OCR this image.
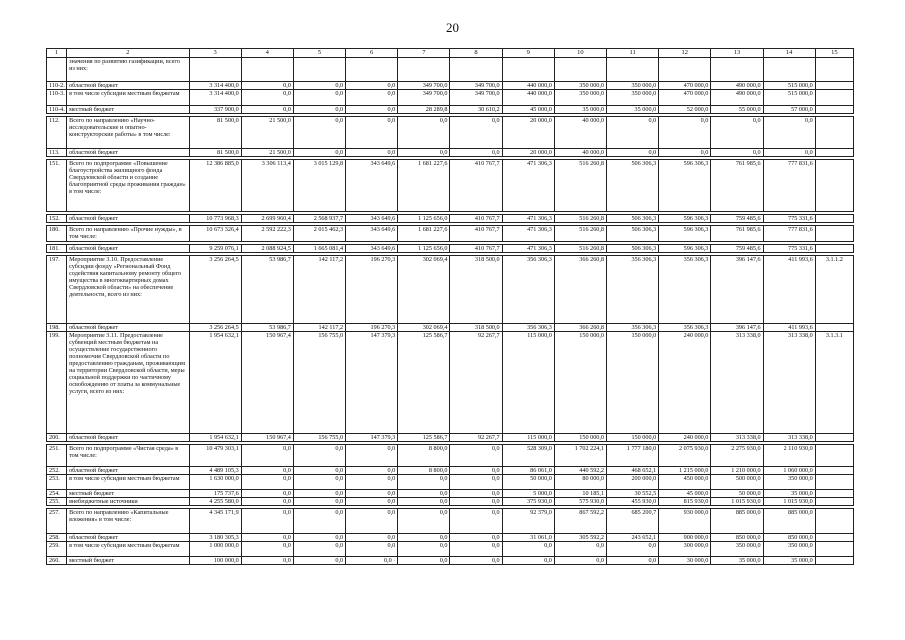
20
1	2	3	4	5	6	7	8	9	10	11	12	13	14	15
	значения по развитию газификации, всего из них:													
110-2.	областной бюджет	3 314 400,0	0,0	0,0	0,0	349 700,0	349 700,0	440 000,0	350 000,0	350 000,0	470 000,0	490 000,0	515 000,0	
110-3.	в том числе субсидии местным бюджетам	3 314 400,0	0,0	0,0	0,0	349 700,0	349 700,0	440 000,0	350 000,0	350 000,0	470 000,0	490 000,0	515 000,0	
110-4.	местный бюджет	337 900,0	0,0	0,0	0,0	28 289,8	30 610,2	45 000,0	35 000,0	35 000,0	52 000,0	55 000,0	57 000,0	

112.	Всего по направлению «Научно-исследовательские и опытно-конструкторские работы» в том числе:	81 500,0	21 500,0	0,0	0,0	0,0	0,0	20 000,0	40 000,0	0,0	0,0	0,0	0,0	
113.	областной бюджет	81 500,0	21 500,0	0,0	0,0	0,0	0,0	20 000,0	40 000,0	0,0	0,0	0,0	0,0	

151.	Всего по подпрограмме «Повышение благоустройства жилищного фонда Свердловской области и создание благоприятной среды проживания граждан» в том числе:	12 386 885,0	3 306 113,4	3 015 129,8	343 649,6	1 681 227,6	410 767,7	471 306,3	516 260,8	506 306,3	596 306,3	761 985,6	777 831,6	

152.	областной бюджет	10 773 968,3	2 699 960,4	2 568 937,7	343 649,6	1 125 656,0	410 767,7	471 306,3	516 260,8	506 306,3	596 306,3	759 485,6	775 331,6	

180.	Всего по направлению «Прочие нужды», в том числе:	10 673 326,4	2 592 222,3	2 015 462,3	343 649,6	1 681 227,6	410 767,7	471 306,3	516 260,8	506 306,3	596 306,3	761 985,6	777 831,6	

181.	областной бюджет	9 259 076,1	2 088 924,5	1 665 081,4	343 649,6	1 125 656,0	410 767,7	471 306,3	516 260,8	506 306,3	596 306,3	759 485,6	775 331,6	

197.	Мероприятие 3.10. Предоставление субсидии фонду «Региональный Фонд содействия капитальному ремонту общего имущества в многоквартирных домах Свердловской области» на обеспечение деятельности, всего из них:	3 256 264,5	53 986,7	142 117,2	196 270,3	302 069,4	318 500,0	356 306,3	366 260,8	356 306,3	356 306,3	396 147,6	411 993,6	3.1.1.2
198.	областной бюджет	3 256 264,5	53 986,7	142 117,2	196 270,3	302 069,4	318 500,0	356 306,3	366 260,8	356 306,3	356 306,3	396 147,6	411 993,6	
199.	Мероприятие 3.11. Предоставление субвенций местным бюджетам на осуществление государственного полномочия Свердловской области по предоставлению гражданам, проживающим на территории Свердловской области, меры социальной поддержки по частичному освобождению от платы за коммунальные услуги, всего из них:	1 954 632,1	150 967,4	156 755,0	147 379,3	125 586,7	92 267,7	115 000,0	150 000,0	150 000,0	240 000,0	313 338,0	313 338,0	3.1.3.1
200.	областной бюджет	1 954 632,1	150 967,4	156 755,0	147 379,3	125 586,7	92 267,7	115 000,0	150 000,0	150 000,0	240 000,0	313 338,0	313 338,0	

251.	Всего по подпрограмме «Чистая среда» в том числе:	10 479 303,1	0,0	0,0	0,0	8 800,0	0,0	528 309,0	1 702 224,1	1 777 180,0	2 075 930,0	2 275 930,0	2 110 930,0	
252.	областной бюджет	4 489 105,3	0,0	0,0	0,0	8 800,0	0,0	86 061,0	440 592,2	468 652,1	1 215 000,0	1 210 000,0	1 060 000,0	
253.	в том числе субсидии местным бюджетам	1 630 000,0	0,0	0,0	0,0	0,0	0,0	50 000,0	80 000,0	200 000,0	450 000,0	500 000,0	350 000,0	
254.	местный бюджет	175 737,6	0,0	0,0	0,0	0,0	0,0	5 000,0	10 185,1	30 552,5	45 000,0	50 000,0	35 000,0	
255.	внебюджетные источники	4 255 580,0	0,0	0,0	0,0	0,0	0,0	375 930,0	575 930,0	455 930,0	815 930,0	1 015 930,0	1 015 930,0	

257.	Всего по направлению «Капитальные вложения» в том числе:	4 345 171,9	0,0	0,0	0,0	0,0	0,0	92 379,0	867 592,2	685 200,7	930 000,0	885 000,0	885 000,0	
258.	областной бюджет	3 180 305,3	0,0	0,0	0,0	0,0	0,0	31 061,0	305 592,2	243 652,1	900 000,0	850 000,0	850 000,0	
259.	в том числе субсидии местным бюджетам	1 000 000,0	0,0	0,0	0,0	0,0	0,0	0,0	0,0	0,0	300 000,0	350 000,0	350 000,0	
260.	местный бюджет	100 000,0	0,0	0,0	0,0 ·	0,0	0,0	0,0	0,0	0,0	30 000,0	35 000,0	35 000,0	
